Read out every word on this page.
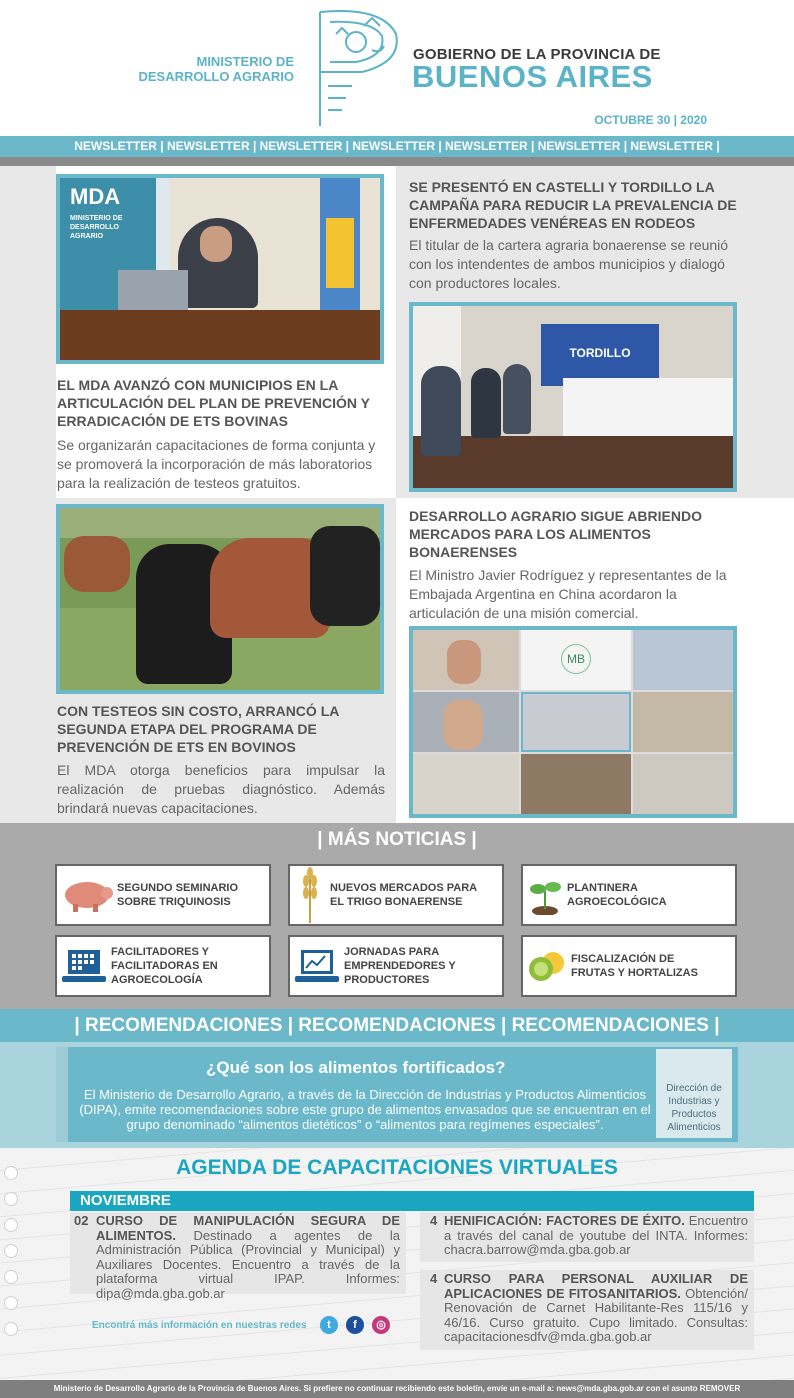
MINISTERIO DE
DESARROLLO AGRARIO
GOBIERNO DE LA PROVINCIA DE
BUENOS AIRES
OCTUBRE 30 | 2020
NEWSLETTER | NEWSLETTER | NEWSLETTER | NEWSLETTER | NEWSLETTER | NEWSLETTER | NEWSLETTER |
MDA
MINISTERIO DE DESARROLLO AGRARIO
EL MDA AVANZÓ CON MUNICIPIOS EN LA ARTICULACIÓN DEL PLAN DE PREVENCIÓN Y ERRADICACIÓN DE ETS BOVINAS
Se organizarán capacitaciones de forma conjunta y se promoverá la incorporación de más laboratorios para la realización de testeos gratuitos.
SE PRESENTÓ EN CASTELLI Y TORDILLO LA CAMPAÑA PARA REDUCIR LA PREVALENCIA DE ENFERMEDADES VENÉREAS EN RODEOS
El titular de la cartera agraria bonaerense se reunió con los intendentes de ambos municipios y dialogó con productores locales.
TORDILLO
CON TESTEOS SIN COSTO, ARRANCÓ LA SEGUNDA ETAPA DEL PROGRAMA DE PREVENCIÓN DE ETS EN BOVINOS
El MDA otorga beneficios para impulsar la realización de pruebas diagnóstico. Además brindará nuevas capacitaciones.
DESARROLLO AGRARIO SIGUE ABRIENDO MERCADOS PARA LOS ALIMENTOS BONAERENSES
El Ministro Javier Rodríguez y representantes de la Embajada Argentina en China acordaron la articulación de una misión comercial.
MB
| MÁS NOTICIAS |
SEGUNDO SEMINARIO SOBRE TRIQUINOSIS
NUEVOS MERCADOS PARA EL TRIGO BONAERENSE
PLANTINERA AGROECOLÓGICA
FACILITADORES Y FACILITADORAS EN AGROECOLOGÍA
JORNADAS PARA EMPRENDEDORES Y PRODUCTORES
FISCALIZACIÓN DE FRUTAS Y HORTALIZAS
| RECOMENDACIONES | RECOMENDACIONES | RECOMENDACIONES |
¿Qué son los alimentos fortificados?
El Ministerio de Desarrollo Agrario, a través de la Dirección de Industrias y Productos Alimenticios (DIPA), emite recomendaciones sobre este grupo de alimentos envasados que se encuentran en el grupo denominado “alimentos dietéticos” o “alimentos para regímenes especiales”.
Dirección de Industrias y Productos Alimenticios
AGENDA DE CAPACITACIONES VIRTUALES
NOVIEMBRE
02 CURSO DE MANIPULACIÓN SEGURA DE ALIMENTOS. Destinado a agentes de la Administración Pública (Provincial y Municipal) y Auxiliares Docentes. Encuentro a través de la plataforma virtual IPAP. Informes: dipa@mda.gba.gob.ar
4 HENIFICACIÓN: FACTORES DE ÉXITO. Encuentro a través del canal de youtube del INTA. Informes: chacra.barrow@mda.gba.gob.ar
4 CURSO PARA PERSONAL AUXILIAR DE APLICACIONES DE FITOSANITARIOS. Obtención/ Renovación de Carnet Habilitante-Res 115/16 y 46/16. Curso gratuito. Cupo limitado. Consultas: capacitacionesdfv@mda.gba.gob.ar
Encontrá más información en nuestras redes	t	f	◎
Ministerio de Desarrollo Agrario de la Provincia de Buenos Aires. Si prefiere no continuar recibiendo este boletín, envíe un e-mail a: news@mda.gba.gob.ar con el asunto REMOVER
